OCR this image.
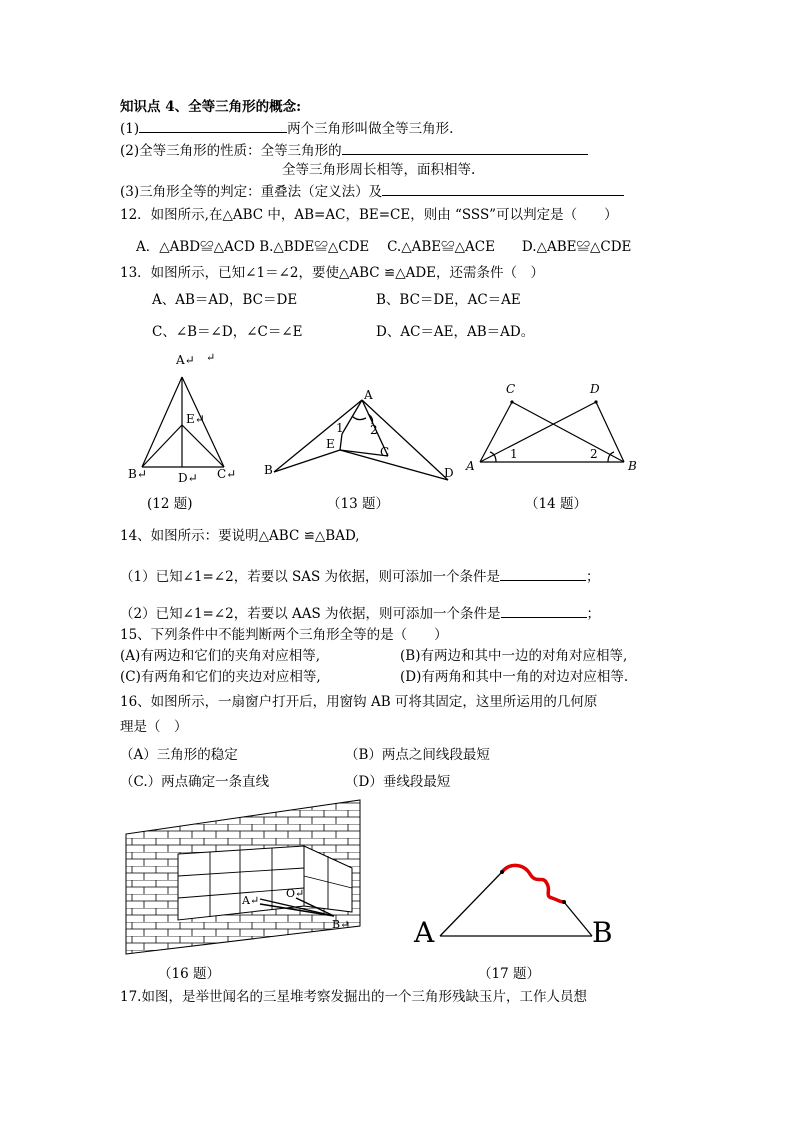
知识点 4、全等三角形的概念:
(1)	两个三角形叫做全等三角形.
(2)全等三角形的性质：全等三角形的
全等三角形周长相等，面积相等.
(3)三角形全等的判定：重叠法（定义法）及
12．如图所示,在△ABC 中，AB=AC，BE=CE，则由 “SSS”可以判定是（　　）
A．△ABD≌△ACD B.△BDE≌△CDE　 C.△ABE≌△ACE　　D.△ABE≌△CDE
13．如图所示，已知∠1＝∠2，要使△ABC ≌△ADE，还需条件（　）
A、AB＝AD，BC＝DE	B、BC＝DE，AC＝AE
C、∠B＝∠D，∠C＝∠E	D、AC＝AE，AB＝AD。
A↵ ↵
E↵
B↵	D↵ C↵
(12 题)
A
B
C
D
E
1 2
（13 题）
C	D
A	B
1	2
（14 题）
14、如图所示：要说明△ABC ≌△BAD,
（1）已知∠1=∠2，若要以 SAS 为依据，则可添加一个条件是	；
（2）已知∠1=∠2，若要以 AAS 为依据，则可添加一个条件是	；
15、下列条件中不能判断两个三角形全等的是（　　）
(A)有两边和它们的夹角对应相等,	(B)有两边和其中一边的对角对应相等,
(C)有两角和它们的夹边对应相等,	(D)有两角和其中一角的对边对应相等.
16、如图所示，一扇窗户打开后，用窗钩 AB 可将其固定，这里所运用的几何原
理是（　）
（A）三角形的稳定	（B）两点之间线段最短
（C.）两点确定一条直线	（D）垂线段最短
A↵
O↵
B↵
（16 题）
A	B
（17 题）
17.如图，是举世闻名的三星堆考察发掘出的一个三角形残缺玉片，工作人员想
